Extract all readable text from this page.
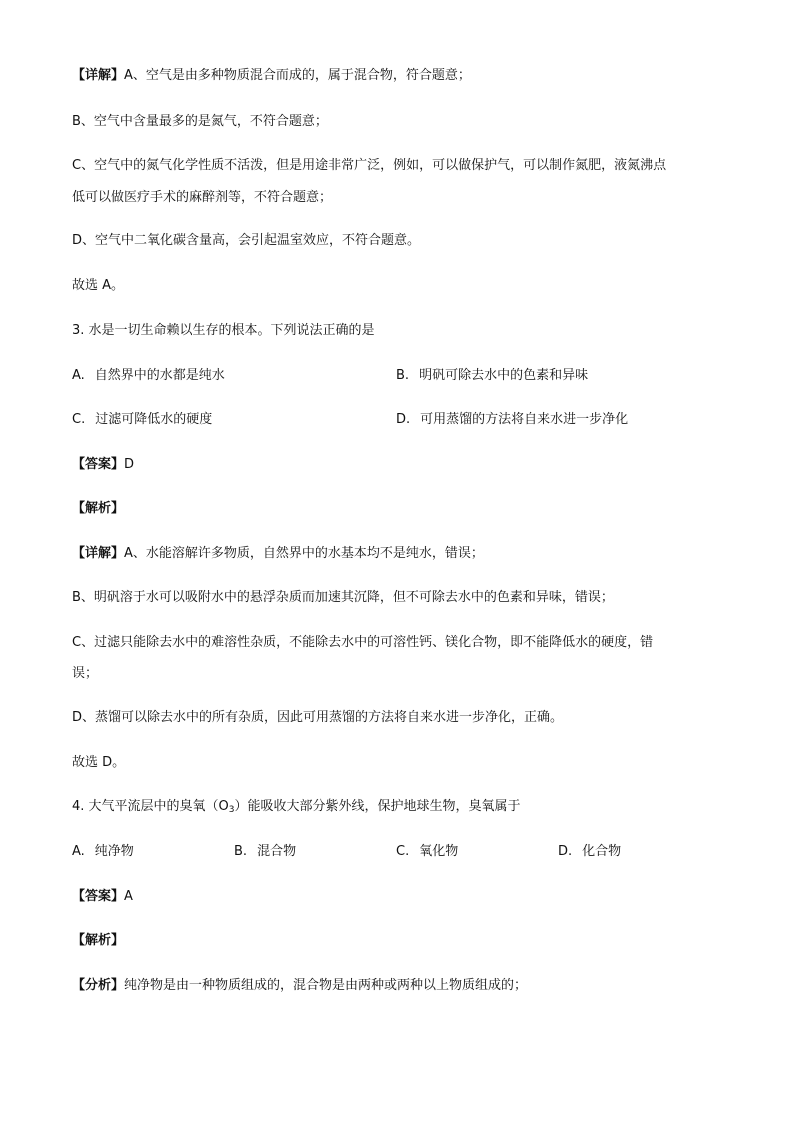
【详解】A、空气是由多种物质混合而成的，属于混合物，符合题意；
B、空气中含量最多的是氮气，不符合题意；
C、空气中的氮气化学性质不活泼，但是用途非常广泛，例如，可以做保护气，可以制作氮肥，液氮沸点
低可以做医疗手术的麻醉剂等，不符合题意；
D、空气中二氧化碳含量高，会引起温室效应，不符合题意。
故选 A。
3. 水是一切生命赖以生存的根本。下列说法正确的是
A. 自然界中的水都是纯水	B. 明矾可除去水中的色素和异味
C. 过滤可降低水的硬度	D. 可用蒸馏的方法将自来水进一步净化
【答案】D
【解析】
【详解】A、水能溶解许多物质，自然界中的水基本均不是纯水，错误；
B、明矾溶于水可以吸附水中的悬浮杂质而加速其沉降，但不可除去水中的色素和异味，错误；
C、过滤只能除去水中的难溶性杂质，不能除去水中的可溶性钙、镁化合物，即不能降低水的硬度，错
误；
D、蒸馏可以除去水中的所有杂质，因此可用蒸馏的方法将自来水进一步净化，正确。
故选 D。
4. 大气平流层中的臭氧$(O_3)$能吸收大部分紫外线，保护地球生物，臭氧属于
A. 纯净物	B. 混合物	C. 氧化物	D. 化合物
【答案】A
【解析】
【分析】纯净物是由一种物质组成的，混合物是由两种或两种以上物质组成的；
